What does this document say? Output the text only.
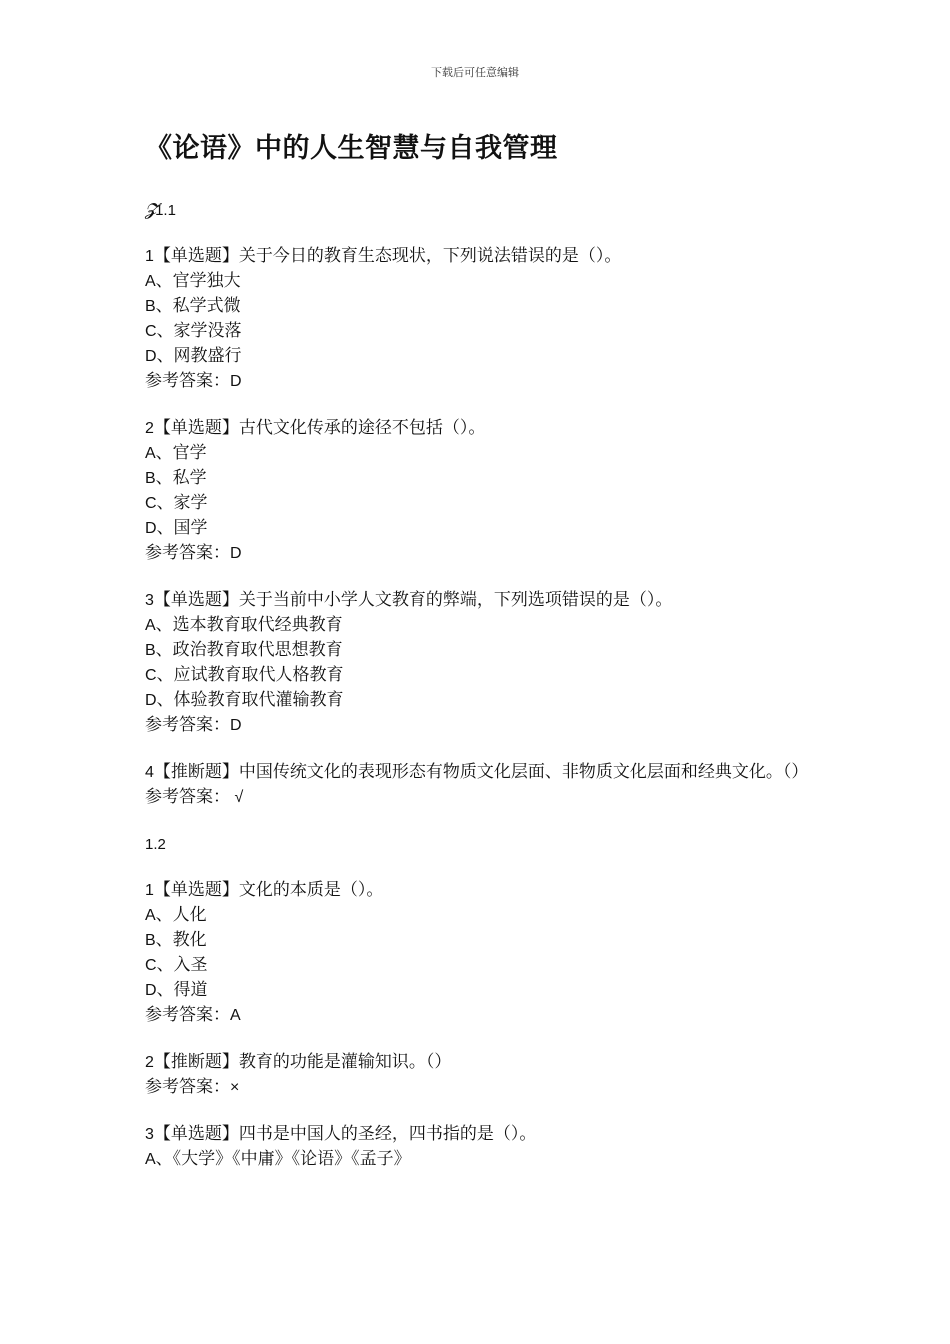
下载后可任意编辑
《论语》中的人生智慧与自我管理
𝓩 1.1

1【单选题】关于今日的教育生态现状，下列说法错误的是（）。

A、官学独大

B、私学式微

C、家学没落

D、网教盛行

参考答案：D

2【单选题】古代文化传承的途径不包括（）。

A、官学

B、私学

C、家学

D、国学

参考答案：D

3【单选题】关于当前中小学人文教育的弊端，下列选项错误的是（）。

A、选本教育取代经典教育

B、政治教育取代思想教育

C、应试教育取代人格教育

D、体验教育取代灌输教育

参考答案：D

4【推断题】中国传统文化的表现形态有物质文化层面、非物质文化层面和经典文化。（）

参考答案： √

1.2

1【单选题】文化的本质是（）。

A、人化

B、教化

C、入圣

D、得道

参考答案：A

2【推断题】教育的功能是灌输知识。（）

参考答案：×

3【单选题】四书是中国人的圣经，四书指的是（）。

A、《大学》《中庸》《论语》《孟子》
